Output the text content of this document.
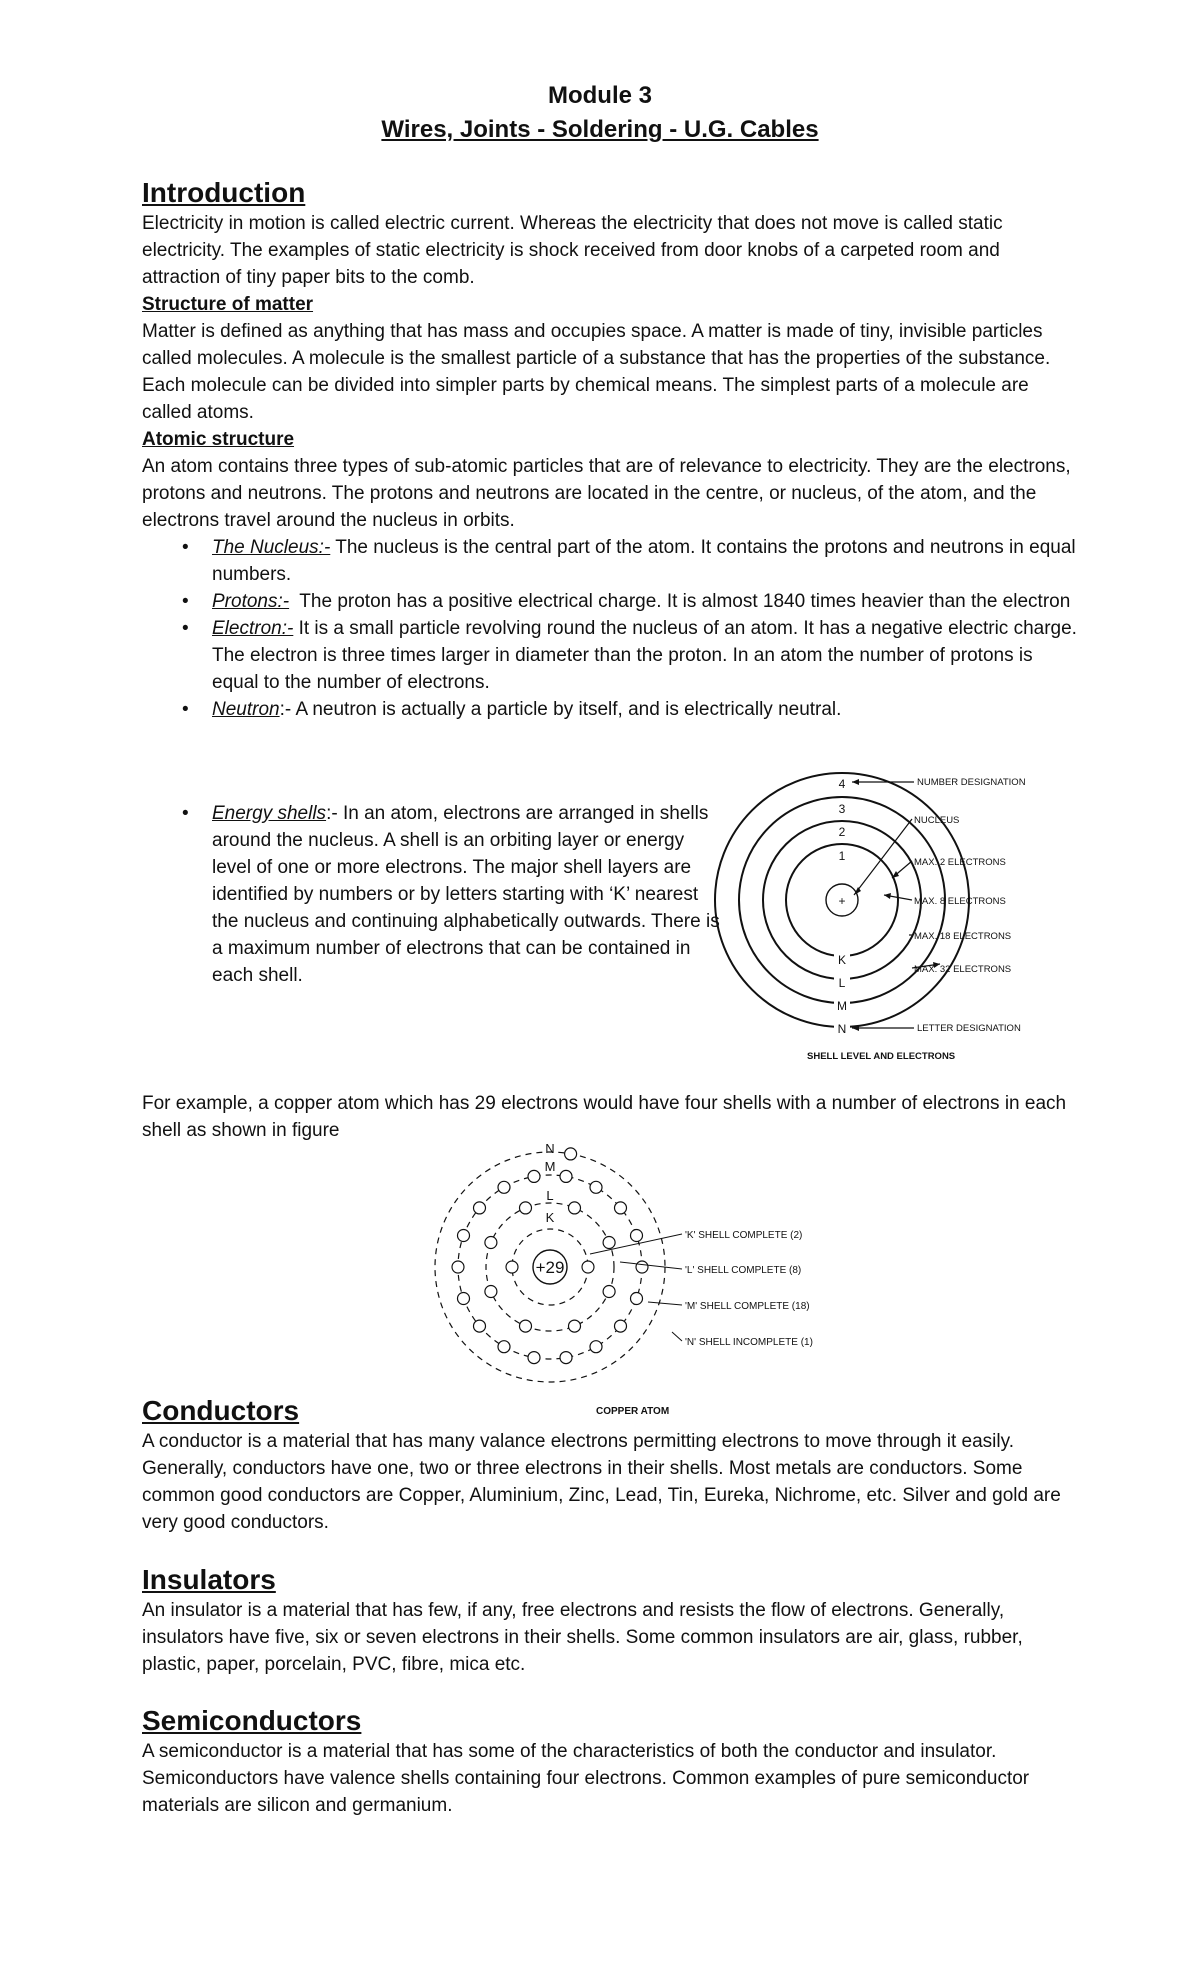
Module 3
Wires, Joints - Soldering - U.G. Cables
Introduction

Electricity in motion is called electric current. Whereas the electricity that does not move is called static electricity. The examples of static electricity is shock received from door knobs of a carpeted room and attraction of tiny paper bits to the comb.

Structure of matter

Matter is defined as anything that has mass and occupies space. A matter is made of tiny, invisible particles called molecules. A molecule is the smallest particle of a substance that has the properties of the substance. Each molecule can be divided into simpler parts by chemical means. The simplest parts of a molecule are called atoms.

Atomic structure

An atom contains three types of sub-atomic particles that are of relevance to electricity. They are the electrons, protons and neutrons. The protons and neutrons are located in the centre, or nucleus, of the atom, and the electrons travel around the nucleus in orbits.

• The Nucleus:- The nucleus is the central part of the atom. It contains the protons and neutrons in equal numbers.
• Protons:-  The proton has a positive electrical charge. It is almost 1840 times heavier than the electron
• Electron:- It is a small particle revolving round the nucleus of an atom. It has a negative electric charge. The electron is three times larger in diameter than the proton. In an atom the number of protons is equal to the number of electrons.
• Neutron:- A neutron is actually a particle by itself, and is electrically neutral.
• Energy shells:- In an atom, electrons are arranged in shells around the nucleus. A shell is an orbiting layer or energy level of one or more electrons. The major shell layers are identified by numbers or by letters starting with ‘K’ nearest the nucleus and continuing alphabetically outwards. There is a maximum number of electrons that can be contained in each shell.
4
3
2
1
+
K
L
M
N
NUMBER DESIGNATION
NUCLEUS
MAX. 2 ELECTRONS
MAX. 8 ELECTRONS
MAX. 18 ELECTRONS
MAX. 32 ELECTRONS
LETTER DESIGNATION
SHELL LEVEL AND ELECTRONS

For example, a copper atom which has 29 electrons would have four shells with a number of electrons in each shell as shown in figure

+29
N
M
L
K
'K' SHELL COMPLETE (2)
'L' SHELL COMPLETE (8)
'M' SHELL COMPLETE (18)
'N' SHELL INCOMPLETE (1)
COPPER ATOM
Conductors

A conductor is a material that has many valance electrons permitting electrons to move through it easily. Generally, conductors have one, two or three electrons in their shells. Most metals are conductors. Some common good conductors are Copper, Aluminium, Zinc, Lead, Tin, Eureka, Nichrome, etc. Silver and gold are very good conductors.

Insulators

An insulator is a material that has few, if any, free electrons and resists the flow of electrons. Generally, insulators have five, six or seven electrons in their shells. Some common insulators are air, glass, rubber, plastic, paper, porcelain, PVC, fibre, mica etc.

Semiconductors

A semiconductor is a material that has some of the characteristics of both the conductor and insulator. Semiconductors have valence shells containing four electrons. Common examples of pure semiconductor materials are silicon and germanium.
